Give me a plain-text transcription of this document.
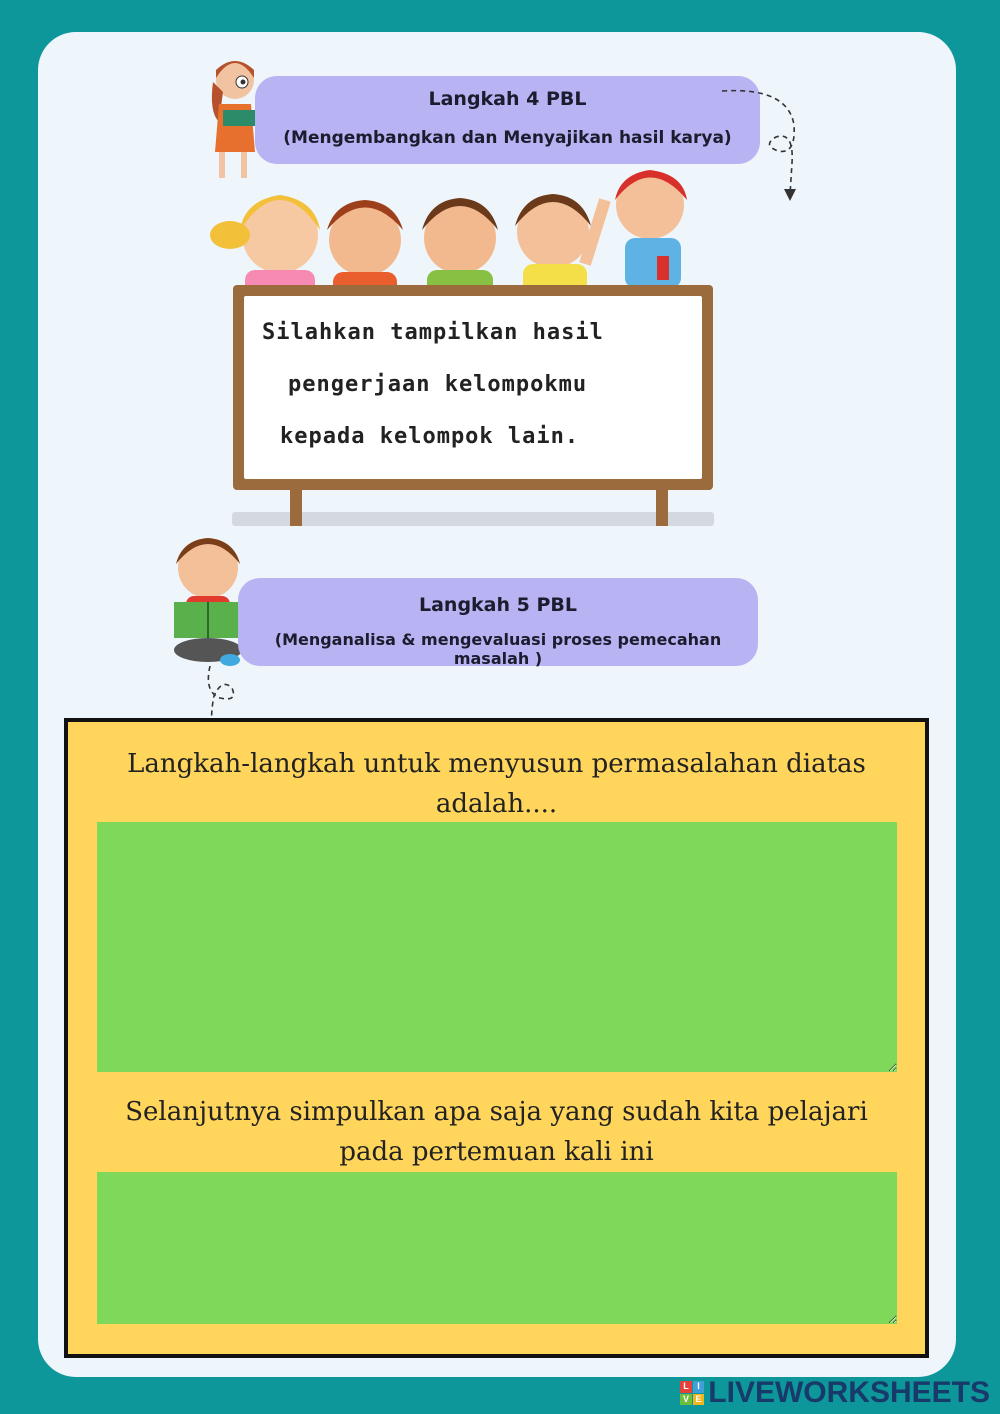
Langkah 4 PBL
(Mengembangkan dan Menyajikan hasil karya)
Silahkan tampilkan hasil
pengerjaan kelompokmu
kepada kelompok lain.
Langkah 5 PBL
(Menganalisa & mengevaluasi proses pemecahan masalah )
Langkah-langkah untuk menyusun permasalahan diatas
adalah....
Selanjutnya simpulkan apa saja yang sudah kita pelajari
pada pertemuan kali ini
L I
V E LIVEWORKSHEETS
